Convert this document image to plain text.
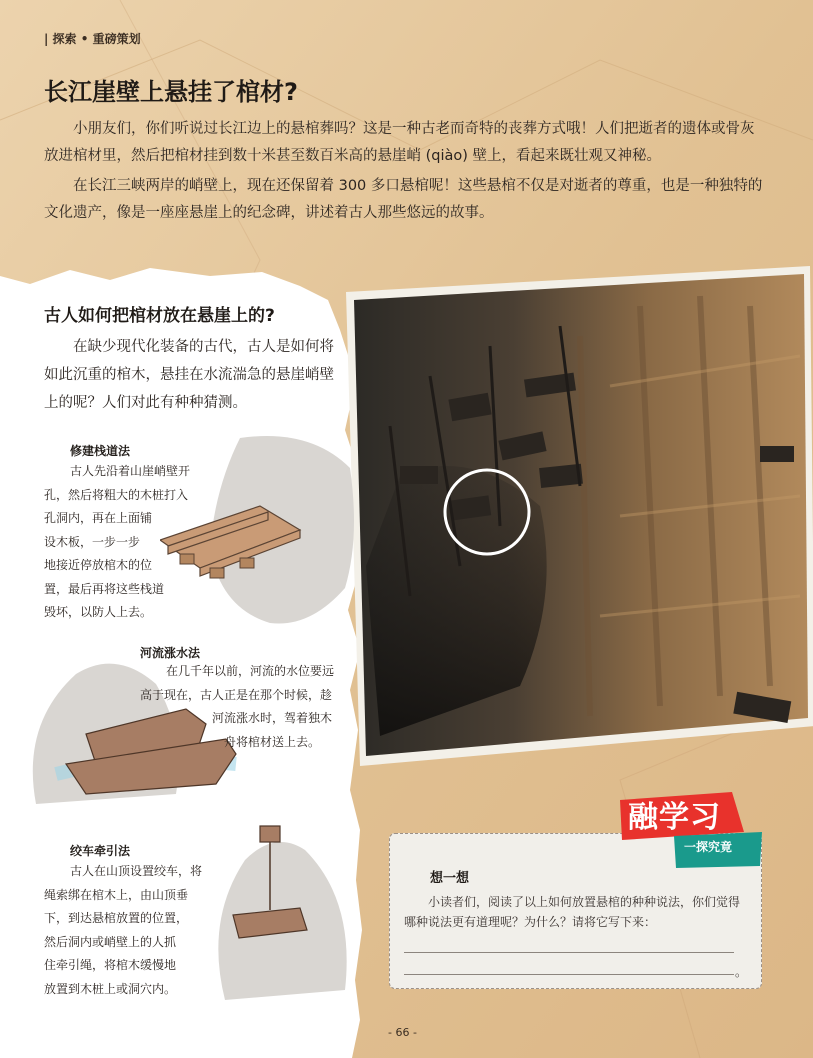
| 探索 • 重磅策划
长江崖壁上悬挂了棺材?

小朋友们，你们听说过长江边上的悬棺葬吗？这是一种古老而奇特的丧葬方式哦！人们把逝者的遗体或骨灰放进棺材里，然后把棺材挂到数十米甚至数百米高的悬崖峭 (qiào) 壁上，看起来既壮观又神秘。

在长江三峡两岸的峭壁上，现在还保留着 300 多口悬棺呢！这些悬棺不仅是对逝者的尊重，也是一种独特的文化遗产，像是一座座悬崖上的纪念碑，讲述着古人那些悠远的故事。

古人如何把棺材放在悬崖上的?

在缺少现代化装备的古代，古人是如何将如此沉重的棺木，悬挂在水流湍急的悬崖峭壁上的呢？人们对此有种种猜测。

修建栈道法

古人先沿着山崖峭壁开
孔，然后将粗大的木桩打入
孔洞内，再在上面铺
设木板，一步一步
地接近停放棺木的位
置，最后再将这些栈道
毁坏，以防人上去。

河流涨水法

在几千年以前，河流的水位要远
高于现在，古人正是在那个时候，趁
河流涨水时，驾着独木
舟将棺材送上去。

绞车牵引法

古人在山顶设置绞车，将
绳索绑在棺木上，由山顶垂
下，到达悬棺放置的位置，
然后洞内或峭壁上的人抓
住牵引绳，将棺木缓慢地
放置到木桩上或洞穴内。

想一想

小读者们，阅读了以上如何放置悬棺的种种说法，你们觉得哪种说法更有道理呢？为什么？请将它写下来：

。
融学习
一探究竟
- 66 -
